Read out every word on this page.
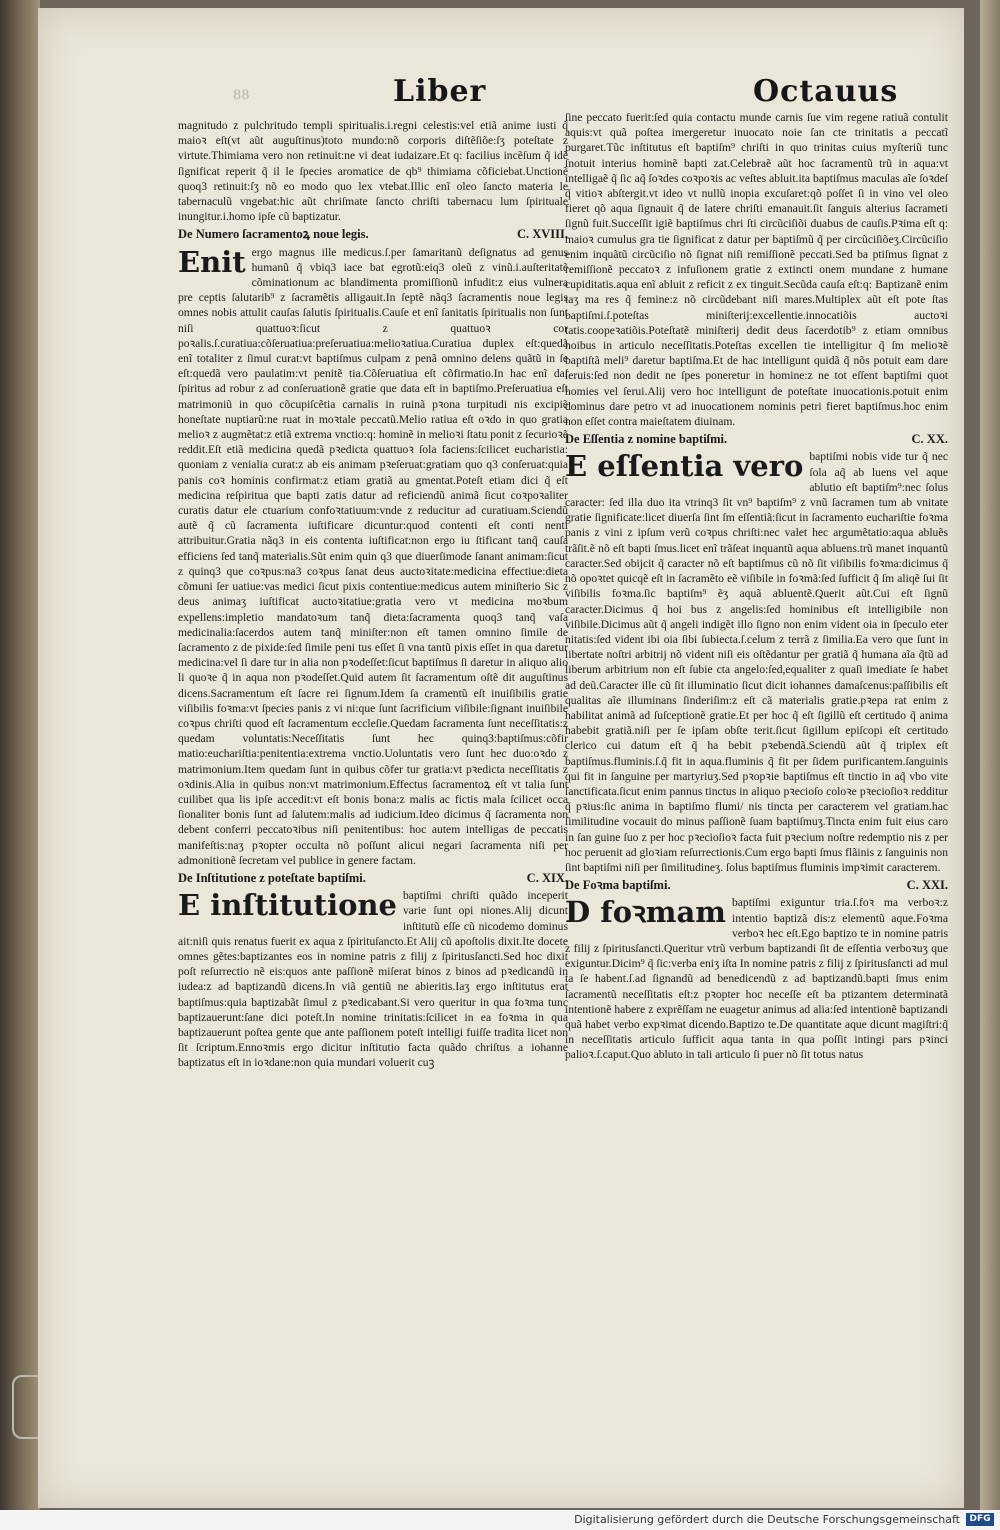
88	Liber	Octauus

magnitudo z pulchritudo templi spiritualis.i.regni celestis:vel etiã anime iusti q̃ maioꝛ eſt(vt aũt auguſtinus)toto mundo:nõ corporis diſtẽſiõe:ſʒ poteſtate z virtute.Thimiama vero non retinuit:ne vi deat iudaizare.Et q: facilius incẽſum q̃ idẽ ſignificat reperit q̃ il le ſpecies aromatice de qb⁹ thimiama cõficiebat.Unctionẽ quoq3 retinuit:ſʒ nõ eo modo quo lex vtebat.Illic enĩ oleo ſancto materia le tabernaculũ vngebat:hic aũt chriſmate ſancto chriſti tabernacu lum ſpirituale inungitur.i.homo ipſe cũ baptizatur.

De Numero ſacramentoꝝ noue legis.	C. XVIII.

Enit ergo magnus ille medicus.ſ.per ſamaritanũ deſignatus ad genus humanũ q̃ vbiq3 iace bat egrotũ:eiq3 oleũ z vinũ.i.auſteritatẽ cõminationum ac blandimenta promiſſionũ infudit:z eius vulnera pre ceptis ſalutarib⁹ z ſacramẽtis alligauit.In ſeptẽ nãq3 ſacramentis noue legis omnes nobis attulit cauſas ſalutis ſpiritualis.Cauſe et enĩ ſanitatis ſpiritualis non ſunt niſi quattuoꝛ:ſicut z quattuoꝛ cor poꝛalis.ſ.curatiua:cõſeruatiua:preſeruatiua:melioꝛatiua.Curatiua duplex eſt:quedã enĩ totaliter z ſimul curat:vt baptiſmus culpam z penã omnino delens quãtũ in ſe eſt:quedã vero paulatim:vt penitẽ tia.Cõſeruatiua eſt cõfirmatio.In hac enĩ daſ ſpiritus ad robur z ad conſeruationẽ gratie que data eſt in baptiſmo.Preſeruatiua eſt matrimoniũ in quo cõcupiſcẽtia carnalis in ruinã pꝛona turpitudi nis excipiẽ honeſtate nuptiarũ:ne ruat in moꝛtale peccatũ.Melio ratiua eſt oꝛdo in quo gratia melioꝛ z augmẽtat:z etiã extrema vnctio:q: hominẽ in melioꝛi ſtatu ponit z ſecurioꝛẽ reddit.Eſt etiã medicina quedã pꝛedicta quattuoꝛ ſola faciens:ſcilicet eucharistia: quoniam z venialia curat:z ab eis animam pꝛeſeruat:gratiam quo q3 conſeruat:quia panis coꝛ hominis confirmat:z etiam gratiã au gmentat.Poteſt etiam dici q̃ eſt medicina reſpiritua que bapti zatis datur ad reficiendũ animã ſicut coꝛpoꝛaliter curatis datur ele ctuarium confoꝛtatiuum:vnde z reducitur ad curatiuam.Sciendũ autẽ q̃ cũ ſacramenta iuſtificare dicuntur:quod contenti eſt conti nenti attribuitur.Gratia nãq3 in eis contenta iuſtificat:non ergo iu ſtificant tanq̃ cauſa efficiens ſed tanq̃ materialis.Sũt enim quin q3 que diuerſimode ſanant animam:ſicut z quinq3 que coꝛpus:na3 coꝛpus ſanat deus auctoꝛitate:medicina effectiue:dieta cõmuni ſer uatiue:vas medici ſicut pixis contentiue:medicus autem miniſterio Sic z deus animaʒ iuſtificat auctoꝛitatiue:gratia vero vt medicina moꝛbum expellens:impletio mandatoꝛum tanq̃ dieta:ſacramenta quoq3 tanq̃ vaſa medicinalia:ſacerdos autem tanq̃ miniſter:non eſt tamen omnino ſimile de ſacramento z de pixide:ſed ſimile peni tus eſſet ſi vna tantũ pixis eſſet in qua daretur medicina:vel ſi dare tur in alia non pꝛodeſſet:ſicut baptiſmus ſi daretur in aliquo alio li quoꝛe q̃ in aqua non pꝛodeſſet.Quid autem ſit ſacramentum oſtẽ dit auguſtinus dicens.Sacramentum eſt ſacre rei ſignum.Idem ſa cramentũ eſt inuiſibilis gratie viſibilis foꝛma:vt ſpecies panis z vi ni:que ſunt ſacrificium viſibile:ſignant inuiſibile coꝛpus chriſti quod eſt ſacramentum eccleſie.Quedam ſacramenta ſunt neceſſitatis:z quedam voluntatis:Neceſſitatis ſunt hec quinq3:baptiſmus:cõfir matio:euchariſtia:penitentia:extrema vnctio.Uoluntatis vero ſunt hec duo:oꝛdo z matrimonium.Item quedam ſunt in quibus cõfer tur gratia:vt pꝛedicta neceſſitatis z oꝛdinis.Alia in quibus non:vt matrimonium.Effectus ſacramentoꝝ eſt vt talia ſunt cuilibet qua lis ipſe accedit:vt eſt bonis bona:z malis ac fictis mala ſcilicet occa ſionaliter bonis ſunt ad ſalutem:malis ad iudicium.Ideo dicimus q̃ ſacramenta non debent conferri peccatoꝛibus niſi penitentibus: hoc autem intelligas de peccatis manifeſtis:naʒ pꝛopter occulta nõ poſſunt alicui negari ſacramenta niſi per admonitionẽ ſecretam vel publice in genere factam.

De Inſtitutione z poteſtate baptiſmi.	C. XIX.

E inſtitutione baptiſmi chriſti quãdo inceperit varie ſunt opi niones.Alij dicunt inſtitutũ eſſe cũ nicodemo dominus ait:niſi quis renatus fuerit ex aqua z ſpirituſancto.Et Alij cũ apoſtolis dixit.Ite docete omnes gẽtes:baptizantes eos in nomine patris z filij z ſpiritusſancti.Sed hoc dixit poſt reſurrectio nẽ eis:quos ante paſſionẽ miſerat binos z binos ad pꝛedicandũ in iudea:z ad baptizandũ dicens.In viã gentiũ ne abieritis.Iaʒ ergo inſtitutus erat baptiſmus:quia baptizabãt ſimul z pꝛedicabant.Si vero queritur in qua foꝛma tunc baptizauerunt:ſane dici poteſt.In nomine trinitatis:ſcilicet in ea foꝛma in qua baptizauerunt poſtea gente que ante paſſionem poteſt intelligi fuiſſe tradita licet non ſit ſcriptum.Ennoꝛmis ergo dicitur inſtitutio facta quãdo chriſtus a iohanne baptizatus eſt in ioꝛdane:non quia mundari voluerit cuꝫ

ſine peccato fuerit:ſed quia contactu munde carnis ſue vim regene ratiuã contulit aquis:vt quã poſtea imergeretur inuocato noie ſan cte trinitatis a peccatĩ purgaret.Tũc inſtitutus eſt baptiſm⁹ chriſti in quo trinitas cuius myſteriũ tunc ſnotuit interius hominẽ bapti zat.Celebraẽ aũt hoc ſacramentũ trũ in aqua:vt intelligaẽ q̃ ſic aq̃ ſoꝛdes coꝛpoꝛis ac veſtes abluit.ita baptiſmus maculas aĩe ſoꝛdeſ q̃ vitioꝛ abſtergit.vt ideo vt nullũ inopia excuſaret:qõ poſſet ſi in vino vel oleo fieret qõ aqua ſignauit q̃ de latere chriſti emanauit.ſit ſanguis alterius ſacrameti ſignũ fuit.Succeſſit igiẽ baptiſmus chri ſti circũciſiõi duabus de cauſis.Pꝛima eſt q: maioꝛ cumulus gra tie ſignificat z datur per baptiſmũ q̃ per circũciſiõeʒ.Circũciſio enim inquãtũ circũciſio nõ ſignat niſi remiſſionẽ peccati.Sed ba ptiſmus ſignat z remiſſionẽ peccatoꝛ z infuſionem gratie z extincti onem mundane z humane cupiditatis.aqua enĩ abluit z reficit z ex tinguit.Secũda cauſa eſt:q: Baptizanẽ enim taʒ ma res q̃ femine:z nõ circũdebant niſi mares.Multiplex aũt eſt pote ſtas baptiſmi.ſ.poteſtas miniſterij:excellentie.innocatiõis auctoꝛi tatis.coopeꝛatiõis.Poteſtatẽ miniſterij dedit deus ſacerdotib⁹ z etiam omnibus hoibus in articulo neceſſitatis.Poteſtas excellen tie intelligitur q̃ ſm melioꝛẽ baptiſtã meli⁹ daretur baptiſma.Et de hac intelligunt quidã q̃ nõs potuit eam dare ſeruis:ſed non dedit ne ſpes poneretur in homine:z ne tot eſſent baptiſmi quot homies vel ſerui.Alij vero hoc intelligunt de poteſtate inuocationis.potuit enim dominus dare petro vt ad inuocationem nominis petri fieret baptiſmus.hoc enim non eſſet contra maieſtatem diuinam.

De Eſſentia z nomine baptiſmi.	C. XX.

E eſſentia vero baptiſmi nobis vide tur q̃ nec ſola aq̃ ab luens vel aque ablutio eſt baptiſm⁹:nec ſolus caracter: ſed illa duo ita vtrinq3 ſit vn⁹ baptiſm⁹ z vnũ ſacramen tum ab vnitate gratie ſignificate:licet diuerſa ſint ſm eſſentiã:ſicut in ſacramento euchariſtie foꝛma panis z vini z ipſum verũ coꝛpus chriſti:nec valet hec argumẽtatio:aqua abluẽs trãſit.ẽ nõ eſt bapti ſmus.licet enĩ trãſeat inquantũ aqua abluens.trũ manet inquantũ caracter.Sed obijcit q̃ caracter nõ eſt baptiſmus cũ nõ ſit viſibilis foꝛma:dicimus q̃ nõ opoꝛtet quicqẽ eſt in ſacramẽto eẽ viſibile in foꝛmã:ſed ſufficit q̃ ſm aliqẽ ſui ſit viſibilis foꝛma.ſic baptiſm⁹ ẽʒ aquã abluentẽ.Querit aũt.Cui eſt ſignũ caracter.Dicimus q̃ hoi bus z angelis:ſed hominibus eſt intelligibile non viſibile.Dicimus aũt q̃ angeli indigẽt illo ſigno non enim vident oia in ſpeculo eter nitatis:ſed vident ibi oia ſibi ſubiecta.ſ.celum z terrã z ſimilia.Ea vero que ſunt in libertate noſtri arbitrij nõ vident niſi eis oſtẽdantur per gratiã q̃ humana aĩa q̃tũ ad liberum arbitrium non eſt ſubie cta angelo:ſed,equaliter z quaſi imediate ſe habet ad deũ.Caracter ille cũ ſit illuminatio ſicut dicit iohannes damaſcenus:paſſibilis eſt qualitas aĩe illuminans ſinderiſim:z eſt cã materialis gratie.pꝛepa rat enim z habilitat animã ad ſuſceptionẽ gratie.Et per hoc q̃ eſt ſigillũ eſt certitudo q̃ anima habebit gratiã.niſi per ſe ipſam obſte terit.ſicut ſigillum epiſcopi eſt certitudo clerico cui datum eſt q̃ ha bebit pꝛebendã.Sciendũ aũt q̃ triplex eſt baptiſmus.fluminis.ſ.q̃ fit in aqua.fluminis q̃ fit per ſidem purificantem.ſanguinis qui fit in ſanguine per martyriuʒ.Sed pꝛopꝛie baptiſmus eſt tinctio in aq̃ vbo vite ſanctificata.ſicut enim pannus tinctus in aliquo pꝛecioſo coloꝛe pꝛecioſioꝛ redditur q̃ pꝛius:ſic anima in baptiſmo flumi/ nis tincta per caracterem vel gratiam.hac ſimilitudine vocauit do minus paſſionẽ ſuam baptiſmuʒ.Tincta enim fuit eius caro in ſan guine ſuo z per hoc pꝛecioſioꝛ facta fuit pꝛecium noſtre redemptio nis z per hoc peruenit ad gloꝛiam reſurrectionis.Cum ergo bapti ſmus flãinis z ſanguinis non ſint baptiſmi niſi per ſimilitudineʒ. ſolus baptiſmus fluminis impꝛimit caracterem.

De Foꝛma baptiſmi.	C. XXI.

D foꝛmam baptiſmi exiguntur tria.ſ.foꝛ ma verboꝛ:z intentio baptizã dis:z elementũ aque.Foꝛma verboꝛ hec eſt.Ego baptizo te in nomine patris z filij z ſpiritusſancti.Queritur vtrũ verbum baptizandi ſit de eſſentia verboꝛuʒ que exiguntur.Dicim⁹ q̃ ſic:verba eniʒ iſta In nomine patris z filij z ſpiritusſancti ad mul ta ſe habent.ſ.ad ſignandũ ad benedicendũ z ad baptizandũ.bapti ſmus enim ſacramentũ neceſſitatis eſt:z pꝛopter hoc neceſſe eſt ba ptizantem determinatã intentionẽ habere z exprẽſſam ne euagetur animus ad alia:ſed intentionẽ baptizandi quã habet verbo expꝛimat dicendo.Baptizo te.De quantitate aque dicunt magiſtri:q̃ in neceſſitatis articulo ſufficit aqua tanta in qua poſſit intingi pars pꝛinci palioꝛ.ſ.caput.Quo abluto in tali articulo ſi puer nõ ſit totus natus

Digitalisierung gefördert durch die Deutsche Forschungsgemeinschaft	DFG
